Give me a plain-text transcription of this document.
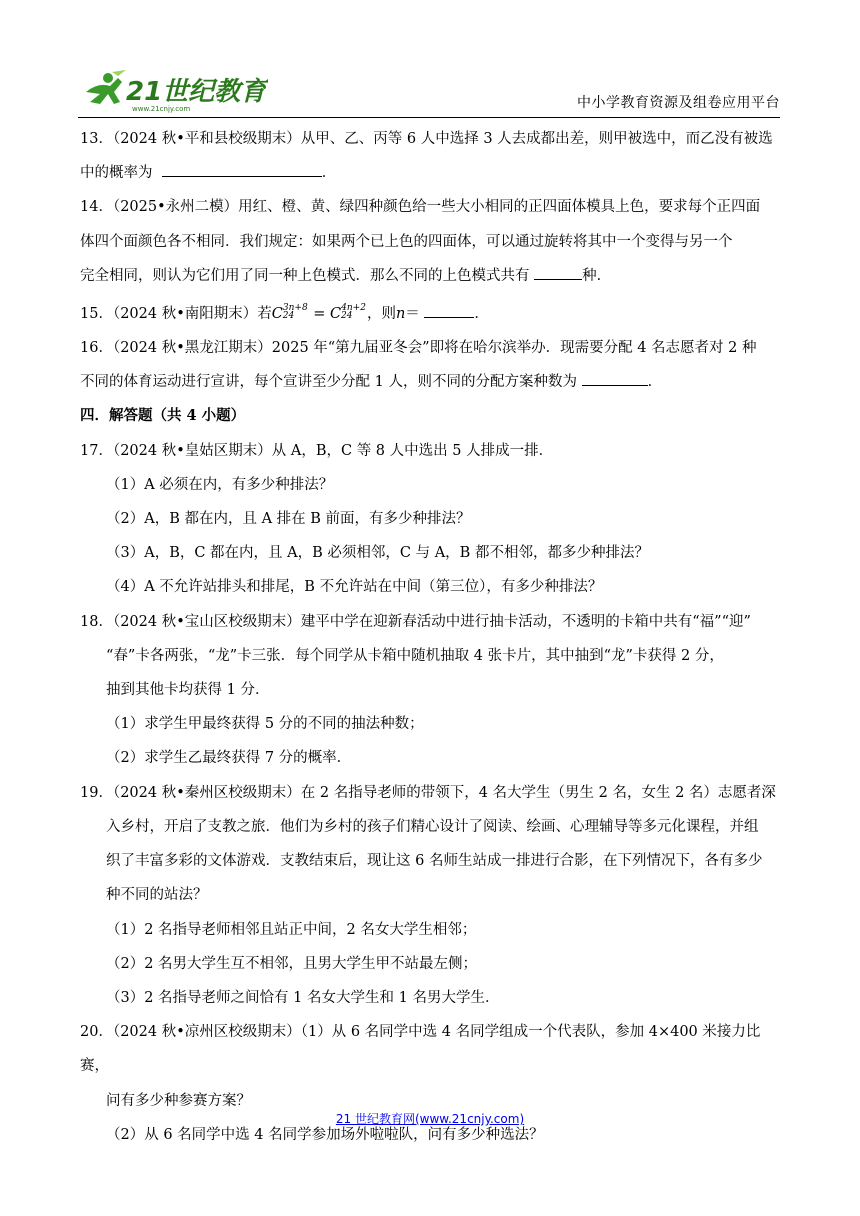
21世纪教育
www.21cnjy.com	中小学教育资源及组卷应用平台

13．（2024 秋•平和县校级期末）从甲、乙、丙等 6 人中选择 3 人去成都出差，则甲被选中，而乙没有被选

中的概率为	．

14．（2025•永州二模）用红、橙、黄、绿四种颜色给一些大小相同的正四面体模具上色，要求每个正四面

体四个面颜色各不相同．我们规定：如果两个已上色的四面体，可以通过旋转将其中一个变得与另一个

完全相同，则认为它们用了同一种上色模式．那么不同的上色模式共有	种．

15．（2024 秋•南阳期末）若$C^{3n+8}$
$24 = C^{4n+2}$
24 ，则n＝	．

16．（2024 秋•黑龙江期末）2025 年“第九届亚冬会”即将在哈尔滨举办．现需要分配 4 名志愿者对 2 种

不同的体育运动进行宣讲，每个宣讲至少分配 1 人，则不同的分配方案种数为	．

四．解答题（共 4 小题）

17．（2024 秋•皇姑区期末）从 A，B，C 等 8 人中选出 5 人排成一排．

（1）A 必须在内，有多少种排法？

（2）A，B 都在内，且 A 排在 B 前面，有多少种排法？

（3）A，B，C 都在内，且 A，B 必须相邻，C 与 A，B 都不相邻，都多少种排法？

（4）A 不允许站排头和排尾，B 不允许站在中间（第三位），有多少种排法？

18．（2024 秋•宝山区校级期末）建平中学在迎新春活动中进行抽卡活动，不透明的卡箱中共有“福”“迎”

“春”卡各两张，“龙”卡三张．每个同学从卡箱中随机抽取 4 张卡片，其中抽到“龙”卡获得 2 分，

抽到其他卡均获得 1 分．

（1）求学生甲最终获得 5 分的不同的抽法种数；

（2）求学生乙最终获得 7 分的概率．

19．（2024 秋•秦州区校级期末）在 2 名指导老师的带领下，4 名大学生（男生 2 名，女生 2 名）志愿者深

入乡村，开启了支教之旅．他们为乡村的孩子们精心设计了阅读、绘画、心理辅导等多元化课程，并组

织了丰富多彩的文体游戏．支教结束后，现让这 6 名师生站成一排进行合影，在下列情况下，各有多少

种不同的站法？

（1）2 名指导老师相邻且站正中间，2 名女大学生相邻；

（2）2 名男大学生互不相邻，且男大学生甲不站最左侧；

（3）2 名指导老师之间恰有 1 名女大学生和 1 名男大学生．

20．（2024 秋•凉州区校级期末）（1）从 6 名同学中选 4 名同学组成一个代表队，参加 4×400 米接力比赛，

问有多少种参赛方案？

（2）从 6 名同学中选 4 名同学参加场外啦啦队，问有多少种选法？

21 世纪教育网(www.21cnjy.com)
